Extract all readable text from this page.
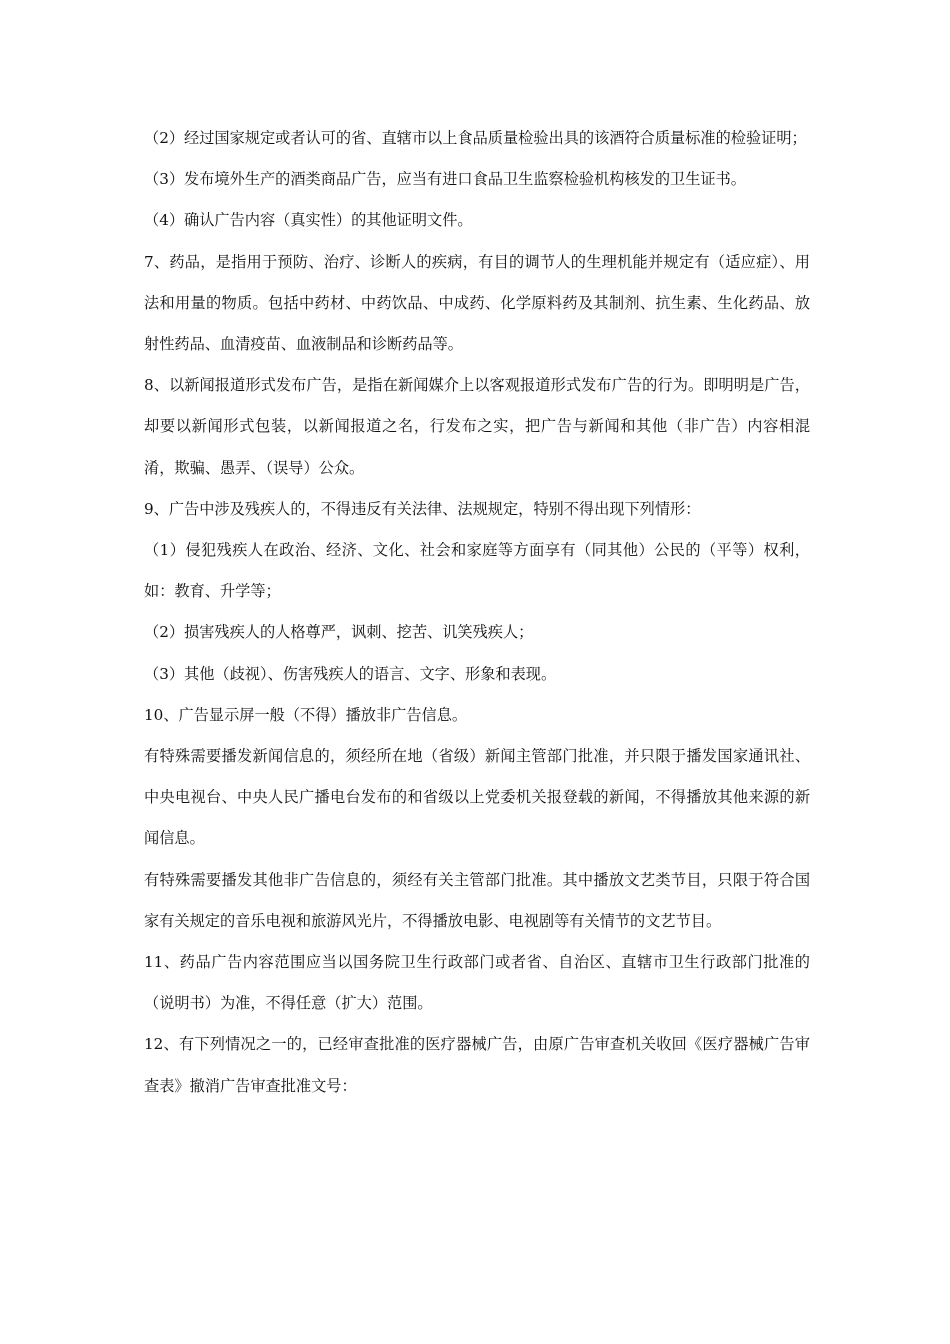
（2）经过国家规定或者认可的省、直辖市以上食品质量检验出具的该酒符合质量标准的检验证明；

（3）发布境外生产的酒类商品广告，应当有进口食品卫生监察检验机构核发的卫生证书。

（4）确认广告内容（真实性）的其他证明文件。

7、药品，是指用于预防、治疗、诊断人的疾病，有目的调节人的生理机能并规定有（适应症）、用法和用量的物质。包括中药材、中药饮品、中成药、化学原料药及其制剂、抗生素、生化药品、放射性药品、血清疫苗、血液制品和诊断药品等。

8、以新闻报道形式发布广告，是指在新闻媒介上以客观报道形式发布广告的行为。即明明是广告，却要以新闻形式包装，以新闻报道之名，行发布之实，把广告与新闻和其他（非广告）内容相混淆，欺骗、愚弄、（误导）公众。

9、广告中涉及残疾人的，不得违反有关法律、法规规定，特别不得出现下列情形：

（1）侵犯残疾人在政治、经济、文化、社会和家庭等方面享有（同其他）公民的（平等）权利，如：教育、升学等；

（2）损害残疾人的人格尊严，讽刺、挖苦、讥笑残疾人；

（3）其他（歧视）、伤害残疾人的语言、文字、形象和表现。

10、广告显示屏一般（不得）播放非广告信息。

有特殊需要播发新闻信息的，须经所在地（省级）新闻主管部门批准，并只限于播发国家通讯社、中央电视台、中央人民广播电台发布的和省级以上党委机关报登载的新闻，不得播放其他来源的新闻信息。

有特殊需要播发其他非广告信息的，须经有关主管部门批准。其中播放文艺类节目，只限于符合国家有关规定的音乐电视和旅游风光片，不得播放电影、电视剧等有关情节的文艺节目。

11、药品广告内容范围应当以国务院卫生行政部门或者省、自治区、直辖市卫生行政部门批准的（说明书）为准，不得任意（扩大）范围。

12、有下列情况之一的，已经审查批准的医疗器械广告，由原广告审查机关收回《医疗器械广告审查表》撤消广告审查批准文号：
